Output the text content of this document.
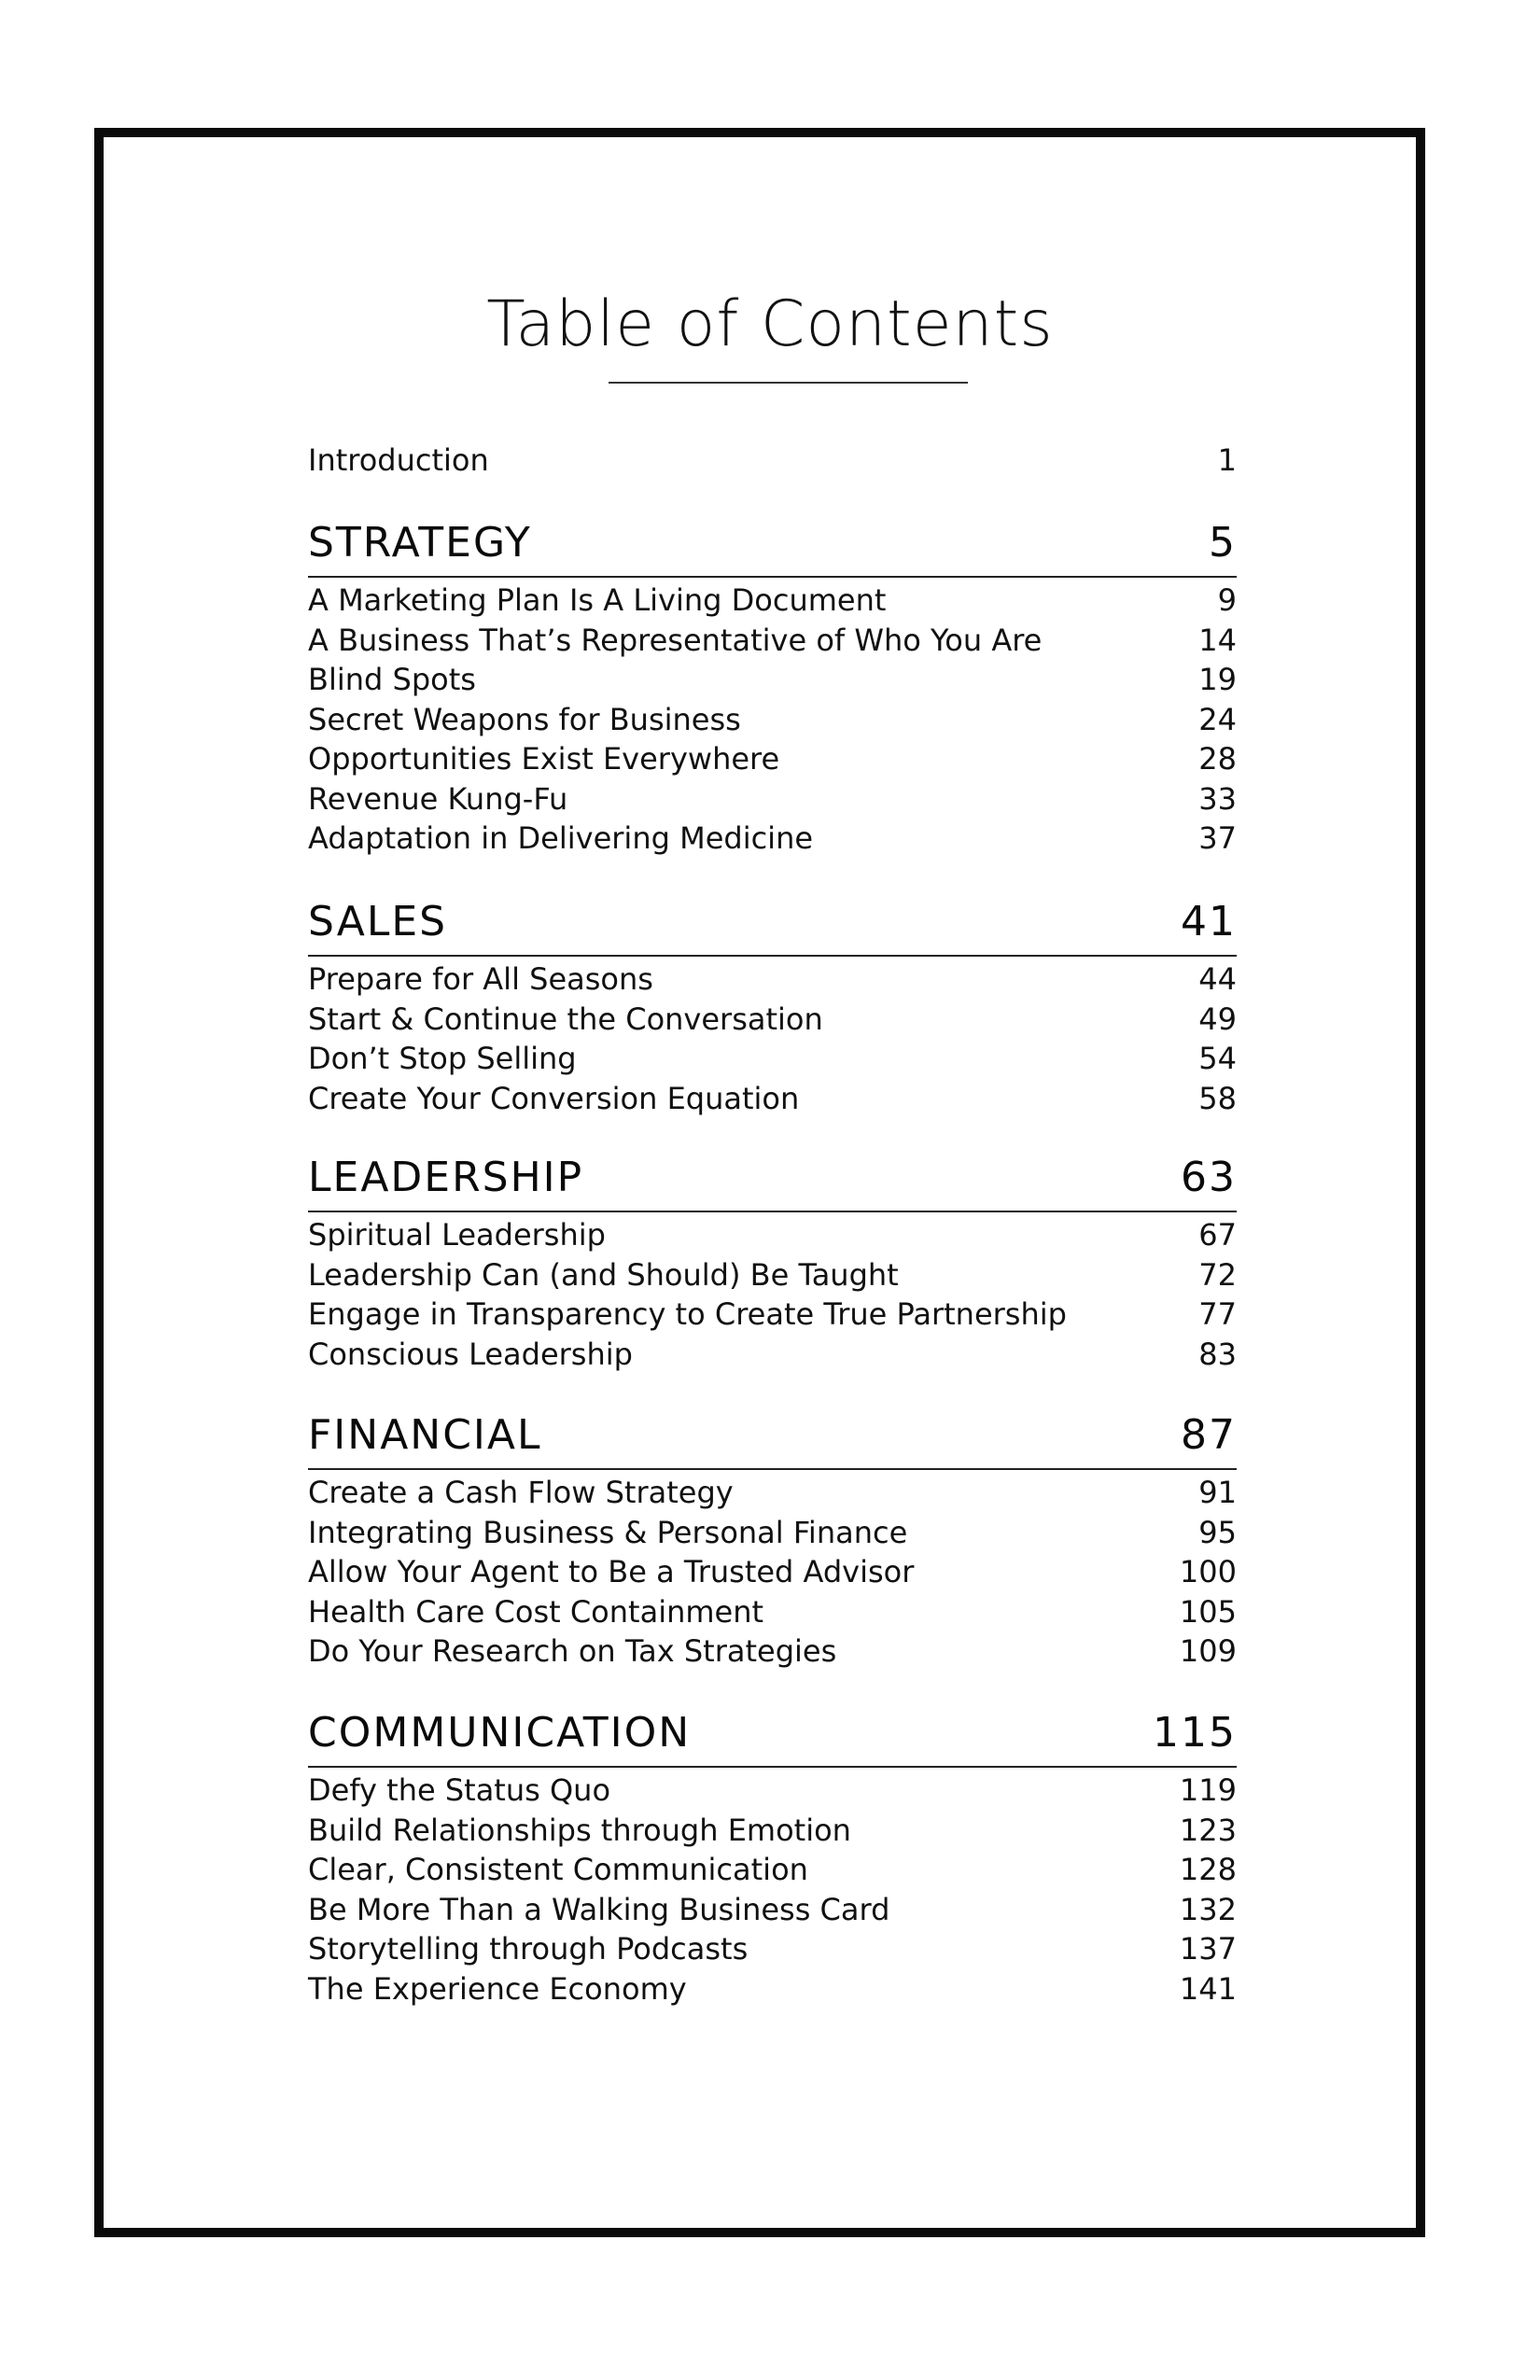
Table of Contents
Introduction	1
STRATEGY	5
A Marketing Plan Is A Living Document	9
A Business That’s Representative of Who You Are	14
Blind Spots	19
Secret Weapons for Business	24
Opportunities Exist Everywhere	28
Revenue Kung-Fu	33
Adaptation in Delivering Medicine	37
SALES	41
Prepare for All Seasons	44
Start & Continue the Conversation	49
Don’t Stop Selling	54
Create Your Conversion Equation	58
LEADERSHIP	63
Spiritual Leadership	67
Leadership Can (and Should) Be Taught	72
Engage in Transparency to Create True Partnership	77
Conscious Leadership	83
FINANCIAL	87
Create a Cash Flow Strategy	91
Integrating Business & Personal Finance	95
Allow Your Agent to Be a Trusted Advisor	100
Health Care Cost Containment	105
Do Your Research on Tax Strategies	109
COMMUNICATION	115
Defy the Status Quo	119
Build Relationships through Emotion	123
Clear, Consistent Communication	128
Be More Than a Walking Business Card	132
Storytelling through Podcasts	137
The Experience Economy	141
